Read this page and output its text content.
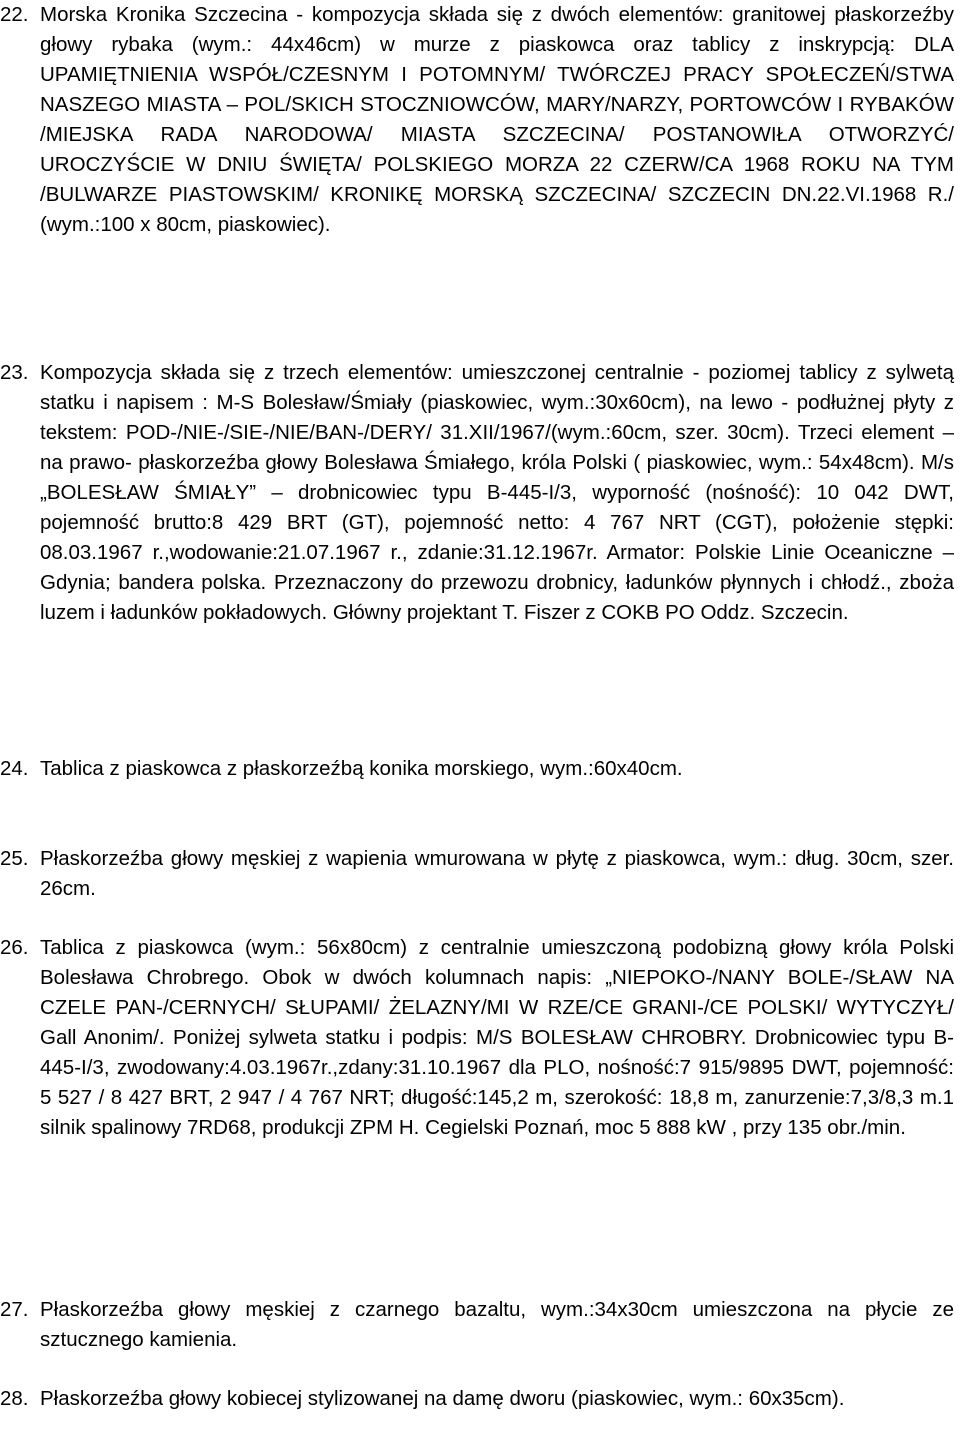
22. Morska Kronika Szczecina - kompozycja składa się z dwóch elementów: granitowej płaskorzeźby głowy rybaka (wym.: 44x46cm) w murze z piaskowca oraz tablicy z inskrypcją: DLA UPAMIĘTNIENIA WSPÓŁ/CZESNYM I POTOMNYM/ TWÓRCZEJ PRACY SPOŁECZEŃ/STWA NASZEGO MIASTA – POL/SKICH STOCZNIOWCÓW, MARY/NARZY, PORTOWCÓW I RYBAKÓW /MIEJSKA RADA NARODOWA/ MIASTA SZCZECINA/ POSTANOWIŁA OTWORZYĆ/ UROCZYŚCIE W DNIU ŚWIĘTA/ POLSKIEGO MORZA 22 CZERW/CA 1968 ROKU NA TYM /BULWARZE PIASTOWSKIM/ KRONIKĘ MORSKĄ SZCZECINA/ SZCZECIN DN.22.VI.1968 R./ (wym.:100 x 80cm, piaskowiec).
23. Kompozycja składa się z trzech elementów: umieszczonej centralnie - poziomej tablicy z sylwetą statku i napisem : M-S Bolesław/Śmiały (piaskowiec, wym.:30x60cm), na lewo - podłużnej płyty z tekstem: POD-/NIE-/SIE-/NIE/BAN-/DERY/ 31.XII/1967/(wym.:60cm, szer. 30cm). Trzeci element – na prawo- płaskorzeźba głowy Bolesława Śmiałego, króla Polski ( piaskowiec, wym.: 54x48cm). M/s „BOLESŁAW ŚMIAŁY” – drobnicowiec typu B-445-I/3, wyporność (nośność): 10 042 DWT, pojemność brutto:8 429 BRT (GT), pojemność netto: 4 767 NRT (CGT), położenie stępki: 08.03.1967 r.,wodowanie:21.07.1967 r., zdanie:31.12.1967r. Armator: Polskie Linie Oceaniczne – Gdynia; bandera polska. Przeznaczony do przewozu drobnicy, ładunków płynnych i chłodź., zboża luzem i ładunków pokładowych. Główny projektant T. Fiszer z COKB PO Oddz. Szczecin.
24. Tablica z piaskowca z płaskorzeźbą konika morskiego, wym.:60x40cm.
25. Płaskorzeźba głowy męskiej z wapienia wmurowana w płytę z piaskowca, wym.: dług. 30cm, szer. 26cm.
26. Tablica z piaskowca (wym.: 56x80cm) z centralnie umieszczoną podobizną głowy króla Polski Bolesława Chrobrego. Obok w dwóch kolumnach napis: „NIEPOKO-/NANY BOLE-/SŁAW NA CZELE PAN-/CERNYCH/ SŁUPAMI/ ŻELAZNY/MI W RZE/CE GRANI-/CE POLSKI/ WYTYCZYŁ/ Gall Anonim/. Poniżej sylweta statku i podpis: M/S BOLESŁAW CHROBRY. Drobnicowiec typu B-445-I/3, zwodowany:4.03.1967r.,zdany:31.10.1967 dla PLO, nośność:7 915/9895 DWT, pojemność: 5 527 / 8 427 BRT, 2 947 / 4 767 NRT; długość:145,2 m, szerokość: 18,8 m, zanurzenie:7,3/8,3 m.1 silnik spalinowy 7RD68, produkcji ZPM H. Cegielski Poznań, moc 5 888 kW , przy 135 obr./min.
27. Płaskorzeźba głowy męskiej z czarnego bazaltu, wym.:34x30cm umieszczona na płycie ze sztucznego kamienia.
28. Płaskorzeźba głowy kobiecej stylizowanej na damę dworu (piaskowiec, wym.: 60x35cm).
